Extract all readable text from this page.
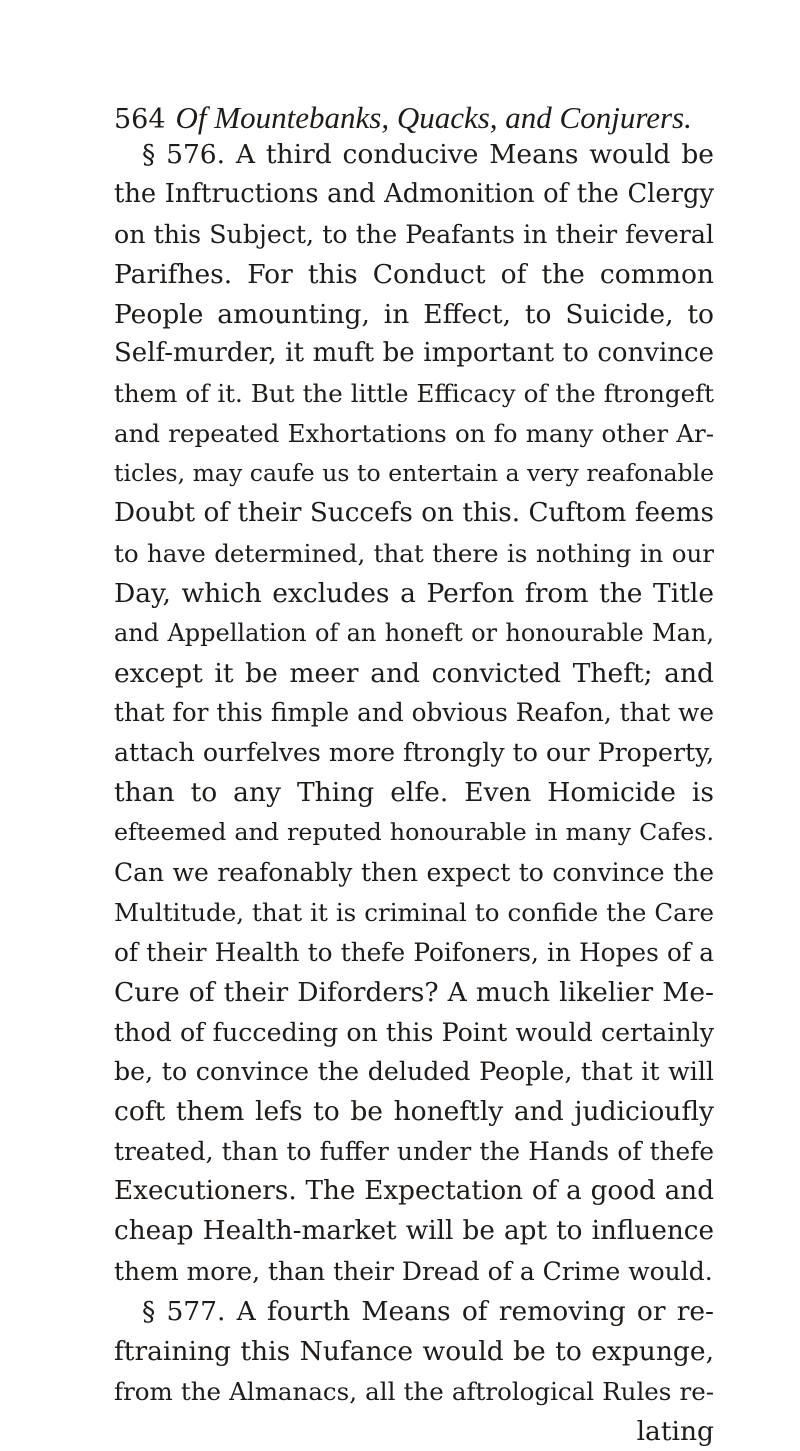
564 Of Mountebanks, Quacks, and Conjurers.
§ 576. A third conducive Means would be
the Inftructions and Admonition of the Clergy
on this Subject, to the Peafants in their feveral
Parifhes. For this Conduct of the common
People amounting, in Effect, to Suicide, to
Self-murder, it muft be important to convince
them of it. But the little Efficacy of the ftrongeft
and repeated Exhortations on fo many other Ar-
ticles, may caufe us to entertain a very reafonable
Doubt of their Succefs on this. Cuftom feems
to have determined, that there is nothing in our
Day, which excludes a Perfon from the Title
and Appellation of an honeft or honourable Man,
except it be meer and convicted Theft; and
that for this fimple and obvious Reafon, that we
attach ourfelves more ftrongly to our Property,
than to any Thing elfe. Even Homicide is
efteemed and reputed honourable in many Cafes.
Can we reafonably then expect to convince the
Multitude, that it is criminal to confide the Care
of their Health to thefe Poifoners, in Hopes of a
Cure of their Diforders? A much likelier Me-
thod of fucceding on this Point would certainly
be, to convince the deluded People, that it will
coft them lefs to be honeftly and judicioufly
treated, than to fuffer under the Hands of thefe
Executioners. The Expectation of a good and
cheap Health-market will be apt to influence
them more, than their Dread of a Crime would.
§ 577. A fourth Means of removing or re-
ftraining this Nufance would be to expunge,
from the Almanacs, all the aftrological Rules re-
lating
